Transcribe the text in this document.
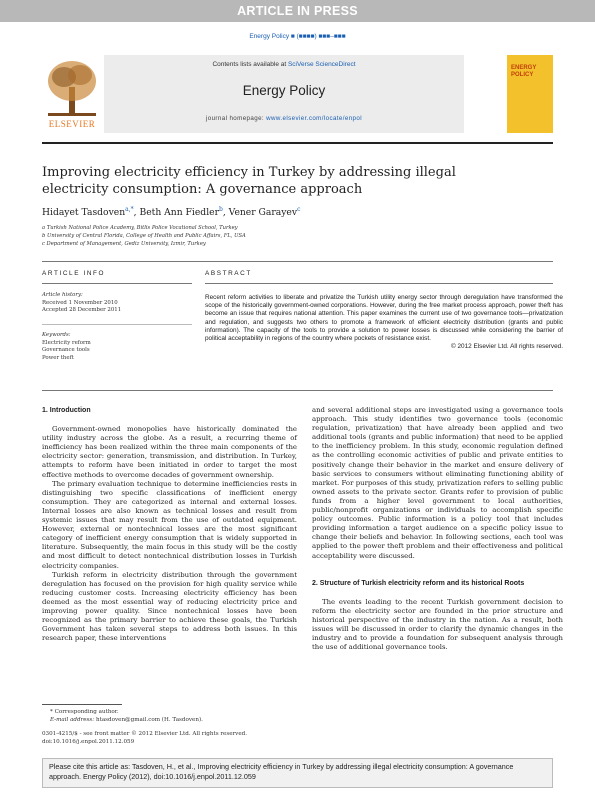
ARTICLE IN PRESS
Energy Policy ■ (■■■■) ■■■–■■■
ELSEVIER
Contents lists available at SciVerse ScienceDirect
Energy Policy
journal homepage: www.elsevier.com/locate/enpol
ENERGY POLICY
Improving electricity efficiency in Turkey by addressing illegal electricity consumption: A governance approach
Hidayet Tasdoven$^{a,*}$, Beth Ann Fiedler$^b$, Vener Garayev$^c$
a Turkish National Police Academy, Bitlis Police Vocational School, Turkey
b University of Central Florida, College of Health and Public Affairs, FL, USA
c Department of Management, Gediz University, Izmir, Turkey
ARTICLE INFO	ABSTRACT
Article history:
Received 1 November 2010
Accepted 28 December 2011
Keywords:
Electricity reform
Governance tools
Power theft
Recent reform activities to liberate and privatize the Turkish utility energy sector through deregulation have transformed the scope of the historically government-owned corporations. However, during the free market process approach, power theft has become an issue that requires national attention. This paper examines the current use of two governance tools—privatization and regulation, and suggests two others to promote a framework of efficient electricity distribution (grants and public information). The capacity of the tools to provide a solution to power losses is discussed while considering the barrier of political acceptability in regions of the country where pockets of resistance exist.
© 2012 Elsevier Ltd. All rights reserved.
1. Introduction

Government-owned monopolies have historically dominated the utility industry across the globe. As a result, a recurring theme of inefficiency has been realized within the three main components of the electricity sector: generation, transmission, and distribution. In Turkey, attempts to reform have been initiated in order to target the most effective methods to overcome decades of government ownership.

The primary evaluation technique to determine inefficiencies rests in distinguishing two specific classifications of inefficient energy consumption. They are categorized as internal and external losses. Internal losses are also known as technical losses and result from systemic issues that may result from the use of outdated equipment. However, external or nontechnical losses are the most significant category of inefficient energy consumption that is widely supported in literature. Subsequently, the main focus in this study will be the costly and most difficult to detect nontechnical distribution losses in Turkish electricity companies.

Turkish reform in electricity distribution through the government deregulation has focused on the provision for high quality service while reducing customer costs. Increasing electricity efficiency has been deemed as the most essential way of reducing electricity price and improving power quality. Since nontechnical losses have been recognized as the primary barrier to achieve these goals, the Turkish Government has taken several steps to address both issues. In this research paper, these interventions

and several additional steps are investigated using a governance tools approach. This study identifies two governance tools (economic regulation, privatization) that have already been applied and two additional tools (grants and public information) that need to be applied to the inefficiency problem. In this study, economic regulation defined as the controlling economic activities of public and private entities to positively change their behavior in the market and ensure delivery of basic services to consumers without eliminating functioning ability of market. For purposes of this study, privatization refers to selling public owned assets to the private sector. Grants refer to provision of public funds from a higher level government to local authorities, public/nonprofit organizations or individuals to accomplish specific policy outcomes. Public information is a policy tool that includes providing information a target audience on a specific policy issue to change their beliefs and behavior. In following sections, each tool was applied to the power theft problem and their effectiveness and political acceptability were discussed.

2. Structure of Turkish electricity reform and its historical Roots

The events leading to the recent Turkish government decision to reform the electricity sector are founded in the prior structure and historical perspective of the industry in the nation. As a result, both issues will be discussed in order to clarify the dynamic changes in the industry and to provide a foundation for subsequent analysis through the use of additional governance tools.

* Corresponding author.
E-mail address: htasdoven@gmail.com (H. Tasdoven).
0301-4215/$ - see front matter © 2012 Elsevier Ltd. All rights reserved.
doi:10.1016/j.enpol.2011.12.059
Please cite this article as: Tasdoven, H., et al., Improving electricity efficiency in Turkey by addressing illegal electricity consumption: A governance approach. Energy Policy (2012), doi:10.1016/j.enpol.2011.12.059
